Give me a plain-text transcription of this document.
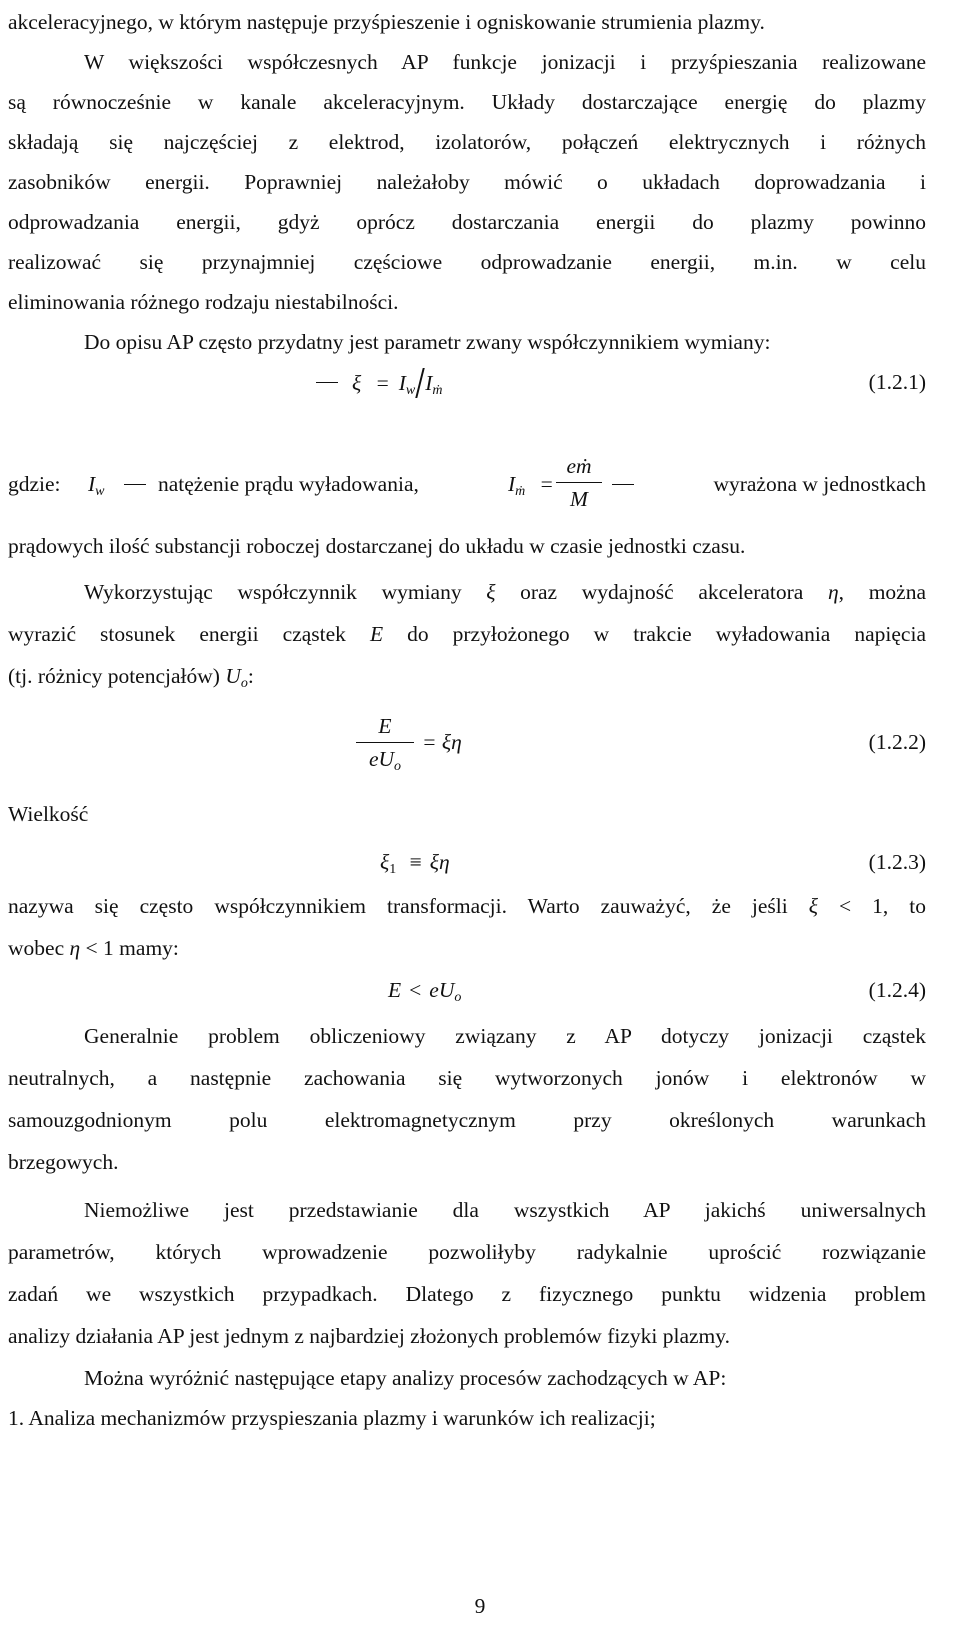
akceleracyjnego, w którym następuje przyśpieszenie i ogniskowanie strumienia plazmy.
W większości współczesnych AP funkcje jonizacji i przyśpieszania realizowane
są równocześnie w kanale akceleracyjnym. Układy dostarczające energię do plazmy
składają się najczęściej z elektrod, izolatorów, połączeń elektrycznych i różnych
zasobników energii. Poprawniej należałoby mówić o układach doprowadzania i
odprowadzania energii, gdyż oprócz dostarczania energii do plazmy powinno
realizować się przynajmniej częściowe odprowadzanie energii, m.in. w celu
eliminowania różnego rodzaju niestabilności.
Do opisu AP często przydatny jest parametr zwany współczynnikiem wymiany:
$\xi = I_w$ $I_ṁ$	(1.2.1)
gdzie: $I_w$ natężenie prądu wyładowania,	$I_ṁ$ =
eṁ
M
wyrażona w jednostkach
prądowych ilość substancji roboczej dostarczanej do układu w czasie jednostki czasu.
Wykorzystując współczynnik wymiany ξ oraz wydajność akceleratora η, można
wyrazić stosunek energii cząstek E do przyłożonego w trakcie wyładowania napięcia
(tj. różnicy potencjałów) $U_o$:
E
$eU_o$
= ξη	(1.2.2)
Wielkość
$\xi_1 \equiv \xi\eta$	(1.2.3)
nazywa się często współczynnikiem transformacji. Warto zauważyć, że jeśli ξ < 1, to
wobec η < 1 mamy:
$E < eU_o$	(1.2.4)
Generalnie problem obliczeniowy związany z AP dotyczy jonizacji cząstek
neutralnych, a następnie zachowania się wytworzonych jonów i elektronów w
samouzgodnionym polu elektromagnetycznym przy określonych warunkach
brzegowych.
Niemożliwe jest przedstawianie dla wszystkich AP jakichś uniwersalnych
parametrów, których wprowadzenie pozwoliłyby radykalnie uprościć rozwiązanie
zadań we wszystkich przypadkach. Dlatego z fizycznego punktu widzenia problem
analizy działania AP jest jednym z najbardziej złożonych problemów fizyki plazmy.
Można wyróżnić następujące etapy analizy procesów zachodzących w AP:
1. Analiza mechanizmów przyspieszania plazmy i warunków ich realizacji;
9
